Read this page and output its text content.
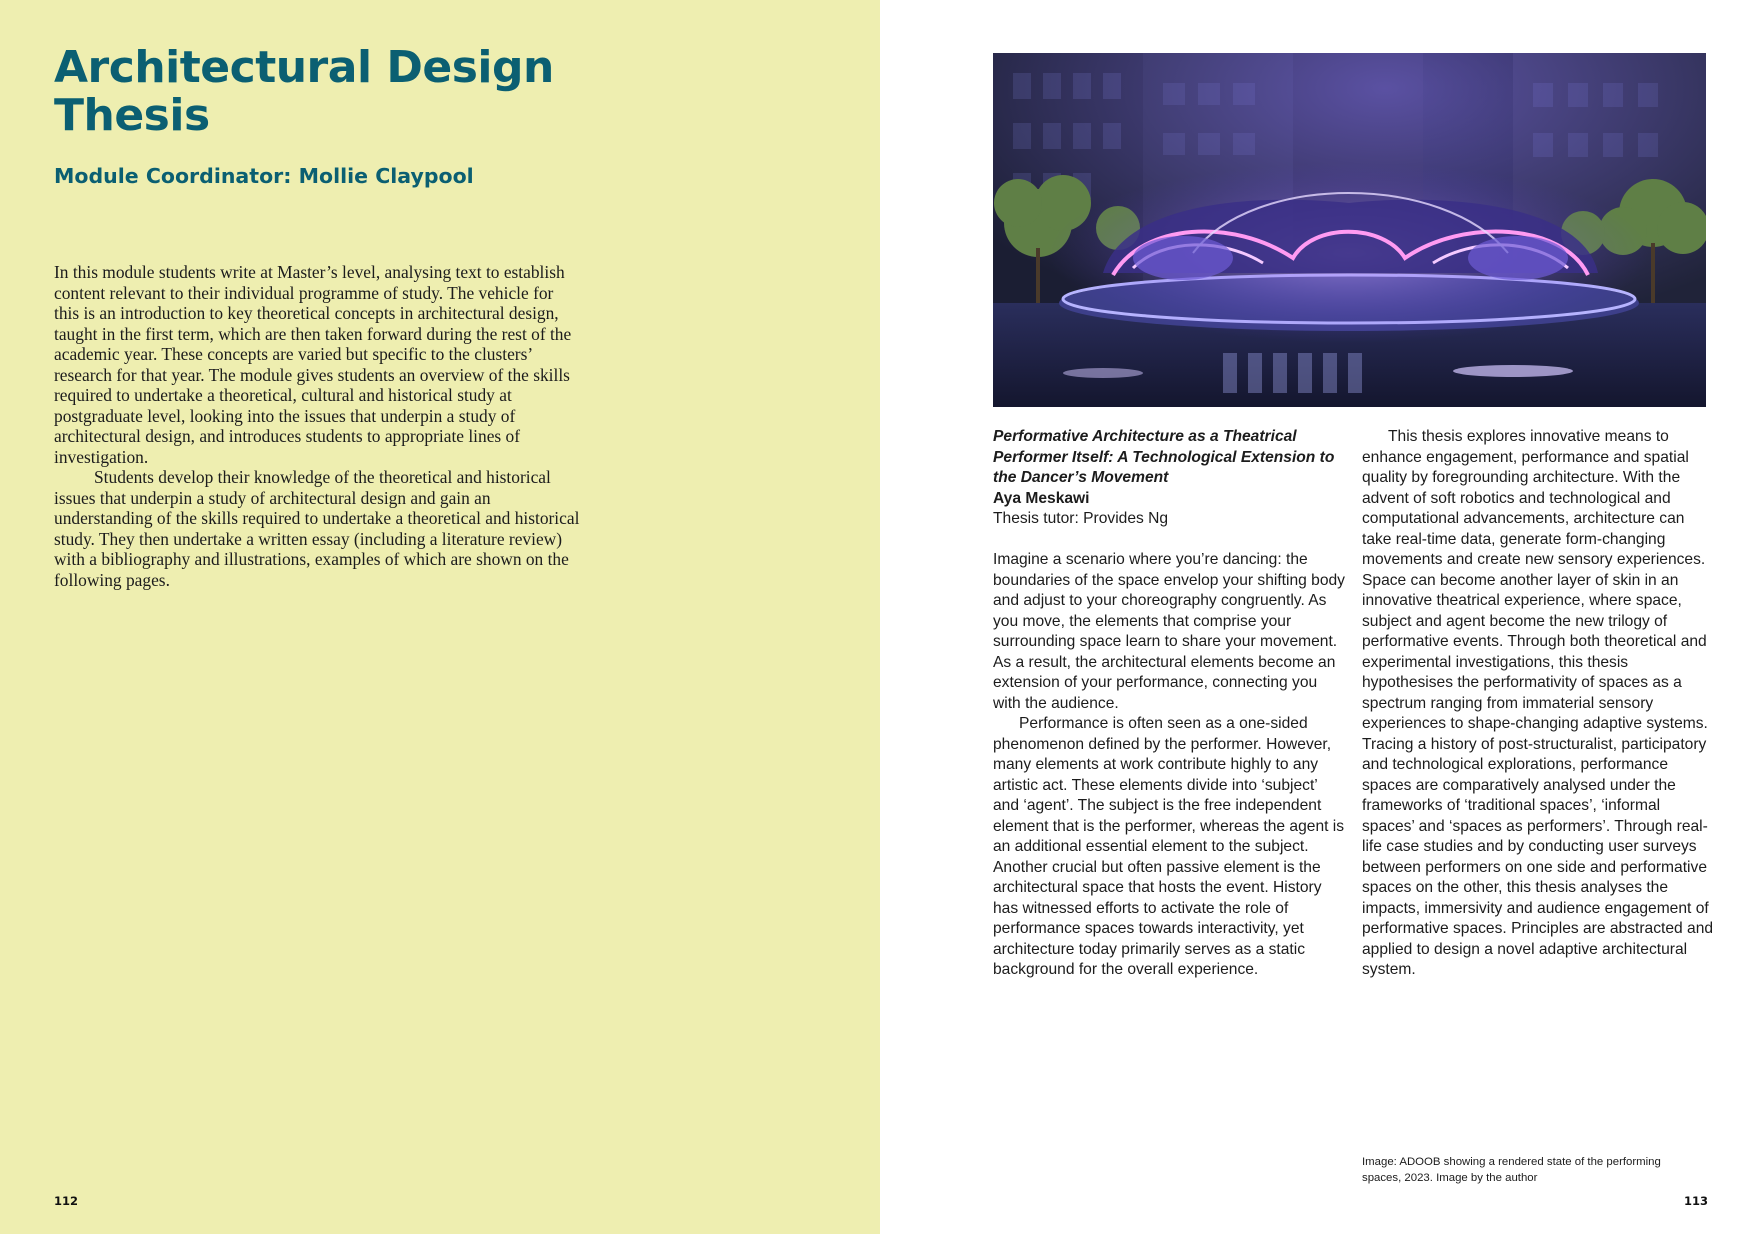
Architectural Design
Thesis
Module Coordinator: Mollie Claypool

In this module students write at Master’s level, analysing text to establish content relevant to their individual programme of study. The vehicle for this is an introduction to key theoretical concepts in architectural design, taught in the first term, which are then taken forward during the rest of the academic year. These concepts are varied but specific to the clusters’ research for that year. The module gives students an overview of the skills required to undertake a theoretical, cultural and historical study at postgraduate level, looking into the issues that underpin a study of architectural design, and introduces students to appropriate lines of investigation.

Students develop their knowledge of the theoretical and historical issues that underpin a study of architectural design and gain an understanding of the skills required to undertake a theoretical and historical study. They then undertake a written essay (including a literature review) with a bibliography and illustrations, examples of which are shown on the following pages.

112

Performative Architecture as a Theatrical Performer Itself: A Technological Extension to the Dancer’s Movement

Aya Meskawi

Thesis tutor: Provides Ng

Imagine a scenario where you’re dancing: the boundaries of the space envelop your shifting body and adjust to your choreography congruently. As you move, the elements that comprise your surrounding space learn to share your movement. As a result, the architectural elements become an extension of your performance, connecting you with the audience.

Performance is often seen as a one-sided phenomenon defined by the performer. However, many elements at work contribute highly to any artistic act. These elements divide into ‘subject’ and ‘agent’. The subject is the free independent element that is the performer, whereas the agent is an additional essential element to the subject. Another crucial but often passive element is the architectural space that hosts the event. History has witnessed efforts to activate the role of performance spaces towards interactivity, yet architecture today primarily serves as a static background for the overall experience.

This thesis explores innovative means to enhance engagement, performance and spatial quality by foregrounding architecture. With the advent of soft robotics and technological and computational advancements, architecture can take real-time data, generate form-changing movements and create new sensory experiences. Space can become another layer of skin in an innovative theatrical experience, where space, subject and agent become the new trilogy of performative events. Through both theoretical and experimental investigations, this thesis hypothesises the performativity of spaces as a spectrum ranging from immaterial sensory experiences to shape-changing adaptive systems. Tracing a history of post-structuralist, participatory and technological explorations, performance spaces are comparatively analysed under the frameworks of ‘traditional spaces’, ‘informal spaces’ and ‘spaces as performers’. Through real-life case studies and by conducting user surveys between performers on one side and performative spaces on the other, this thesis analyses the impacts, immersivity and audience engagement of performative spaces. Principles are abstracted and applied to design a novel adaptive architectural system.

Image: ADOOB showing a rendered state of the performing spaces, 2023. Image by the author
113
